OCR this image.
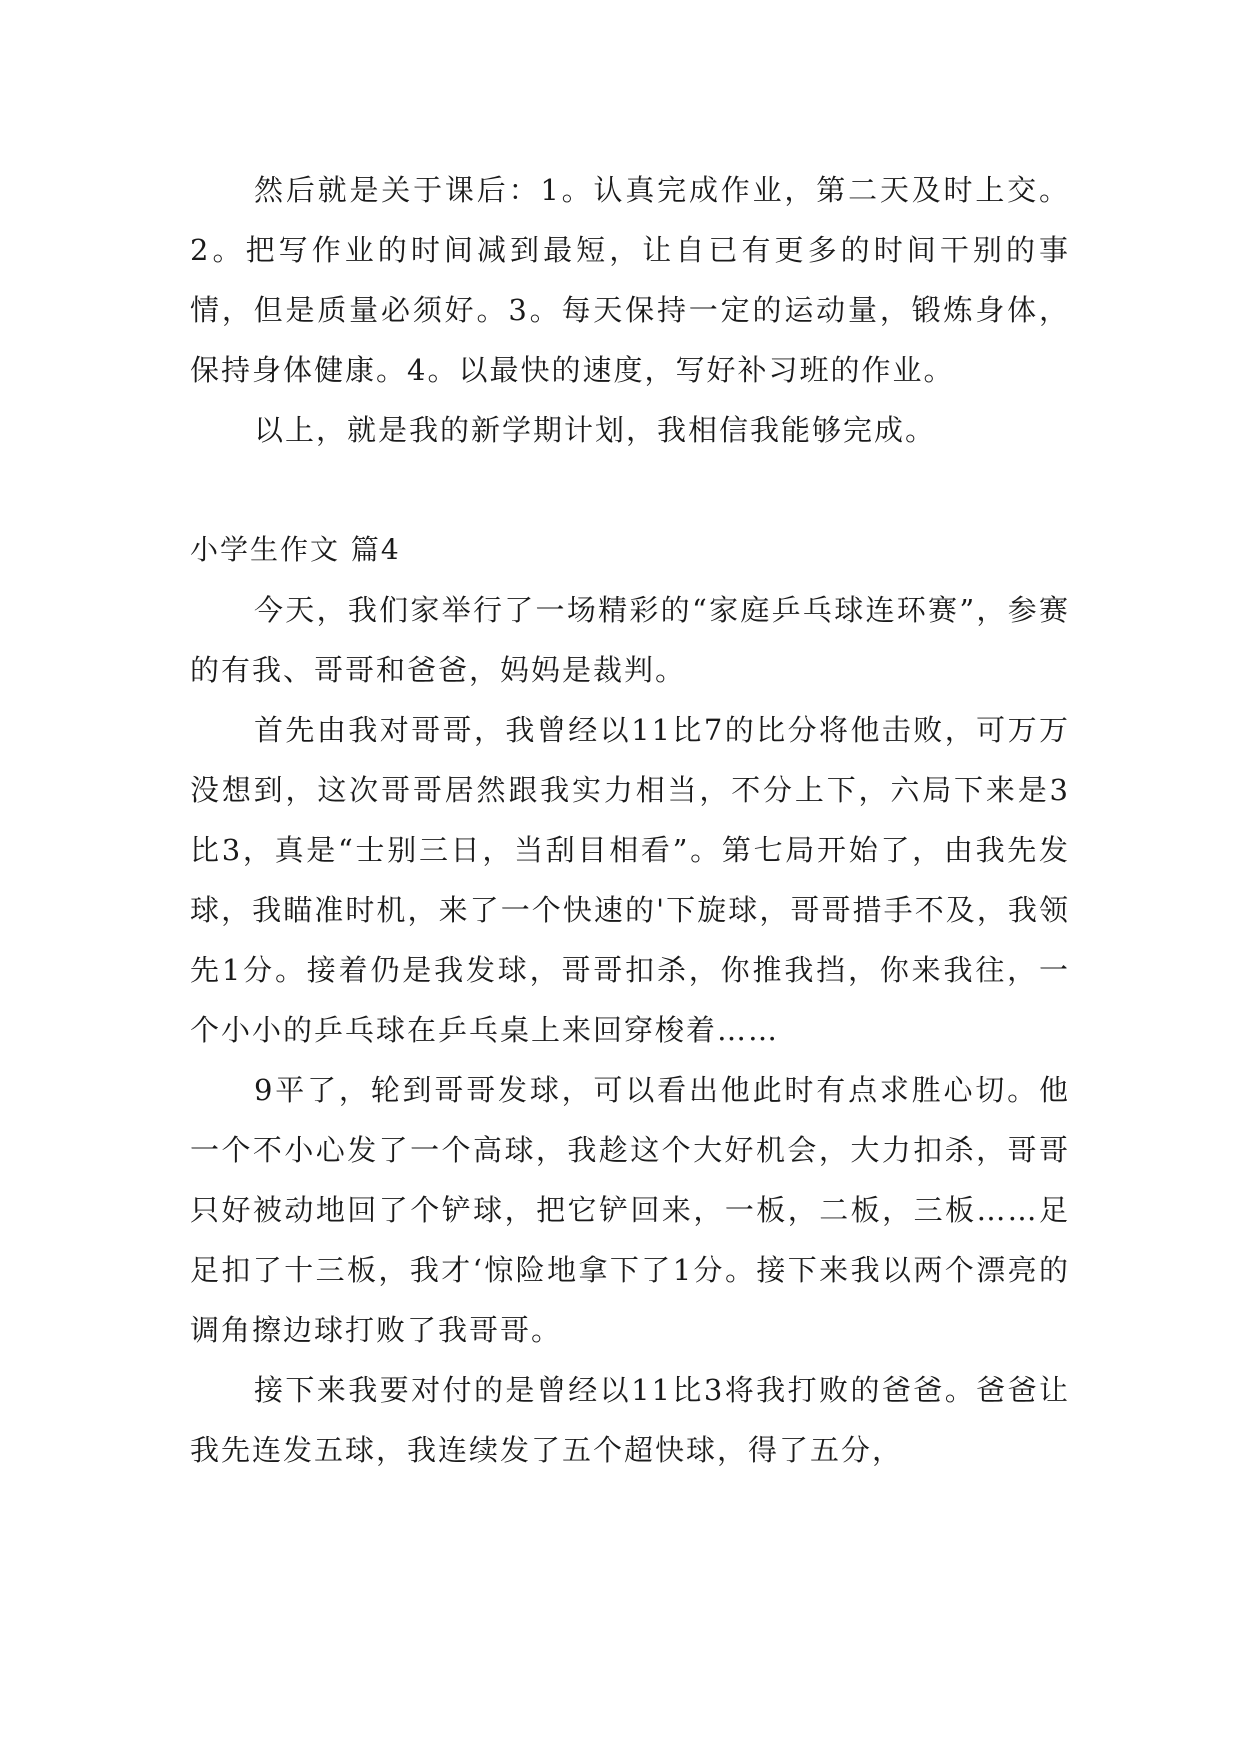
然后就是关于课后：1。认真完成作业，第二天及时上交。2。把写作业的时间减到最短，让自已有更多的时间干别的事情，但是质量必须好。3。每天保持一定的运动量，锻炼身体，保持身体健康。4。以最快的速度，写好补习班的作业。

以上，就是我的新学期计划，我相信我能够完成。

小学生作文 篇4

今天，我们家举行了一场精彩的“家庭乒乓球连环赛”，参赛的有我、哥哥和爸爸，妈妈是裁判。

首先由我对哥哥，我曾经以11比7的比分将他击败，可万万没想到，这次哥哥居然跟我实力相当，不分上下，六局下来是3比3，真是“士别三日，当刮目相看”。第七局开始了，由我先发球，我瞄准时机，来了一个快速的'下旋球，哥哥措手不及，我领先1分。接着仍是我发球，哥哥扣杀，你推我挡，你来我往，一个小小的乒乓球在乒乓桌上来回穿梭着……

9平了，轮到哥哥发球，可以看出他此时有点求胜心切。他一个不小心发了一个高球，我趁这个大好机会，大力扣杀，哥哥只好被动地回了个铲球，把它铲回来，一板，二板，三板……足足扣了十三板，我才‘惊险地拿下了1分。接下来我以两个漂亮的调角擦边球打败了我哥哥。

接下来我要对付的是曾经以11比3将我打败的爸爸。爸爸让我先连发五球，我连续发了五个超快球，得了五分，
